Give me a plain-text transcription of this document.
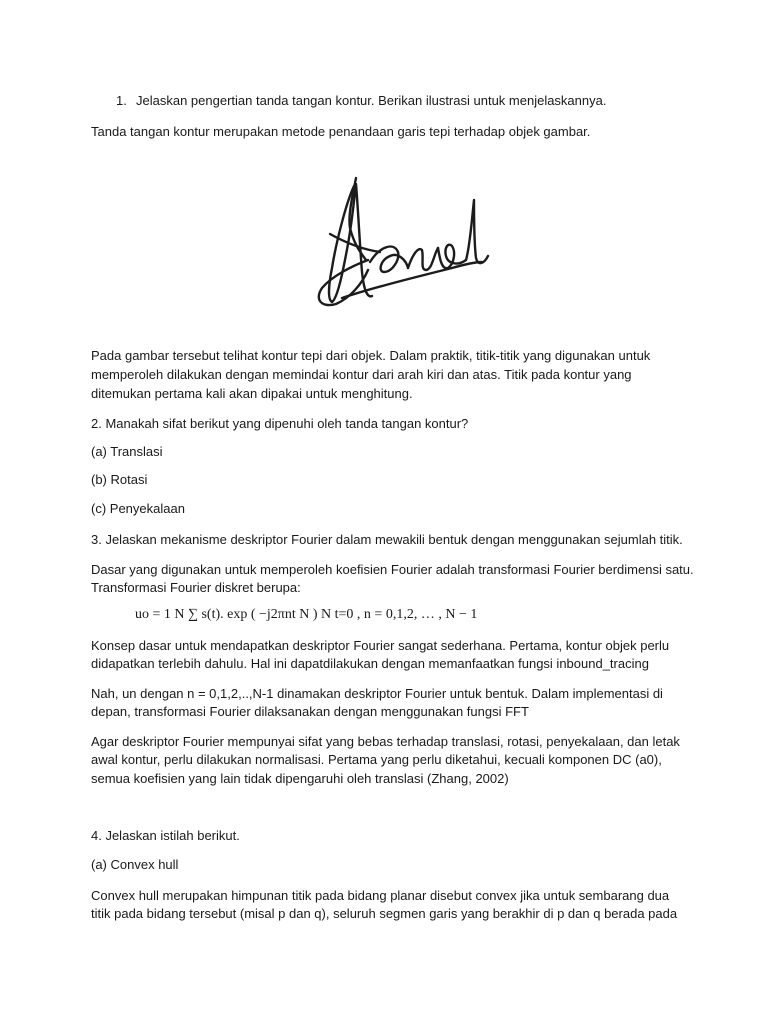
1. Jelaskan pengertian tanda tangan kontur. Berikan ilustrasi untuk menjelaskannya.
Tanda tangan kontur merupakan metode penandaan garis tepi terhadap objek gambar.
Pada gambar tersebut telihat kontur tepi dari objek. Dalam praktik, titik-titik yang digunakan untuk
memperoleh dilakukan dengan memindai kontur dari arah kiri dan atas. Titik pada kontur yang
ditemukan pertama kali akan dipakai untuk menghitung.
2. Manakah sifat berikut yang dipenuhi oleh tanda tangan kontur?
(a) Translasi
(b) Rotasi
(c) Penyekalaan
3. Jelaskan mekanisme deskriptor Fourier dalam mewakili bentuk dengan menggunakan sejumlah titik.
Dasar yang digunakan untuk memperoleh koefisien Fourier adalah transformasi Fourier berdimensi satu.
Transformasi Fourier diskret berupa:
uo = 1 N ∑ s(t). exp ( −j2πnt N ) N t=0 , n = 0,1,2, … , N − 1
Konsep dasar untuk mendapatkan deskriptor Fourier sangat sederhana. Pertama, kontur objek perlu
didapatkan terlebih dahulu. Hal ini dapatdilakukan dengan memanfaatkan fungsi inbound_tracing
Nah, un dengan n = 0,1,2,..,N-1 dinamakan deskriptor Fourier untuk bentuk. Dalam implementasi di
depan, transformasi Fourier dilaksanakan dengan menggunakan fungsi FFT
Agar deskriptor Fourier mempunyai sifat yang bebas terhadap translasi, rotasi, penyekalaan, dan letak
awal kontur, perlu dilakukan normalisasi. Pertama yang perlu diketahui, kecuali komponen DC (a0),
semua koefisien yang lain tidak dipengaruhi oleh translasi (Zhang, 2002)
4. Jelaskan istilah berikut.
(a) Convex hull
Convex hull merupakan himpunan titik pada bidang planar disebut convex jika untuk sembarang dua
titik pada bidang tersebut (misal p dan q), seluruh segmen garis yang berakhir di p dan q berada pada
